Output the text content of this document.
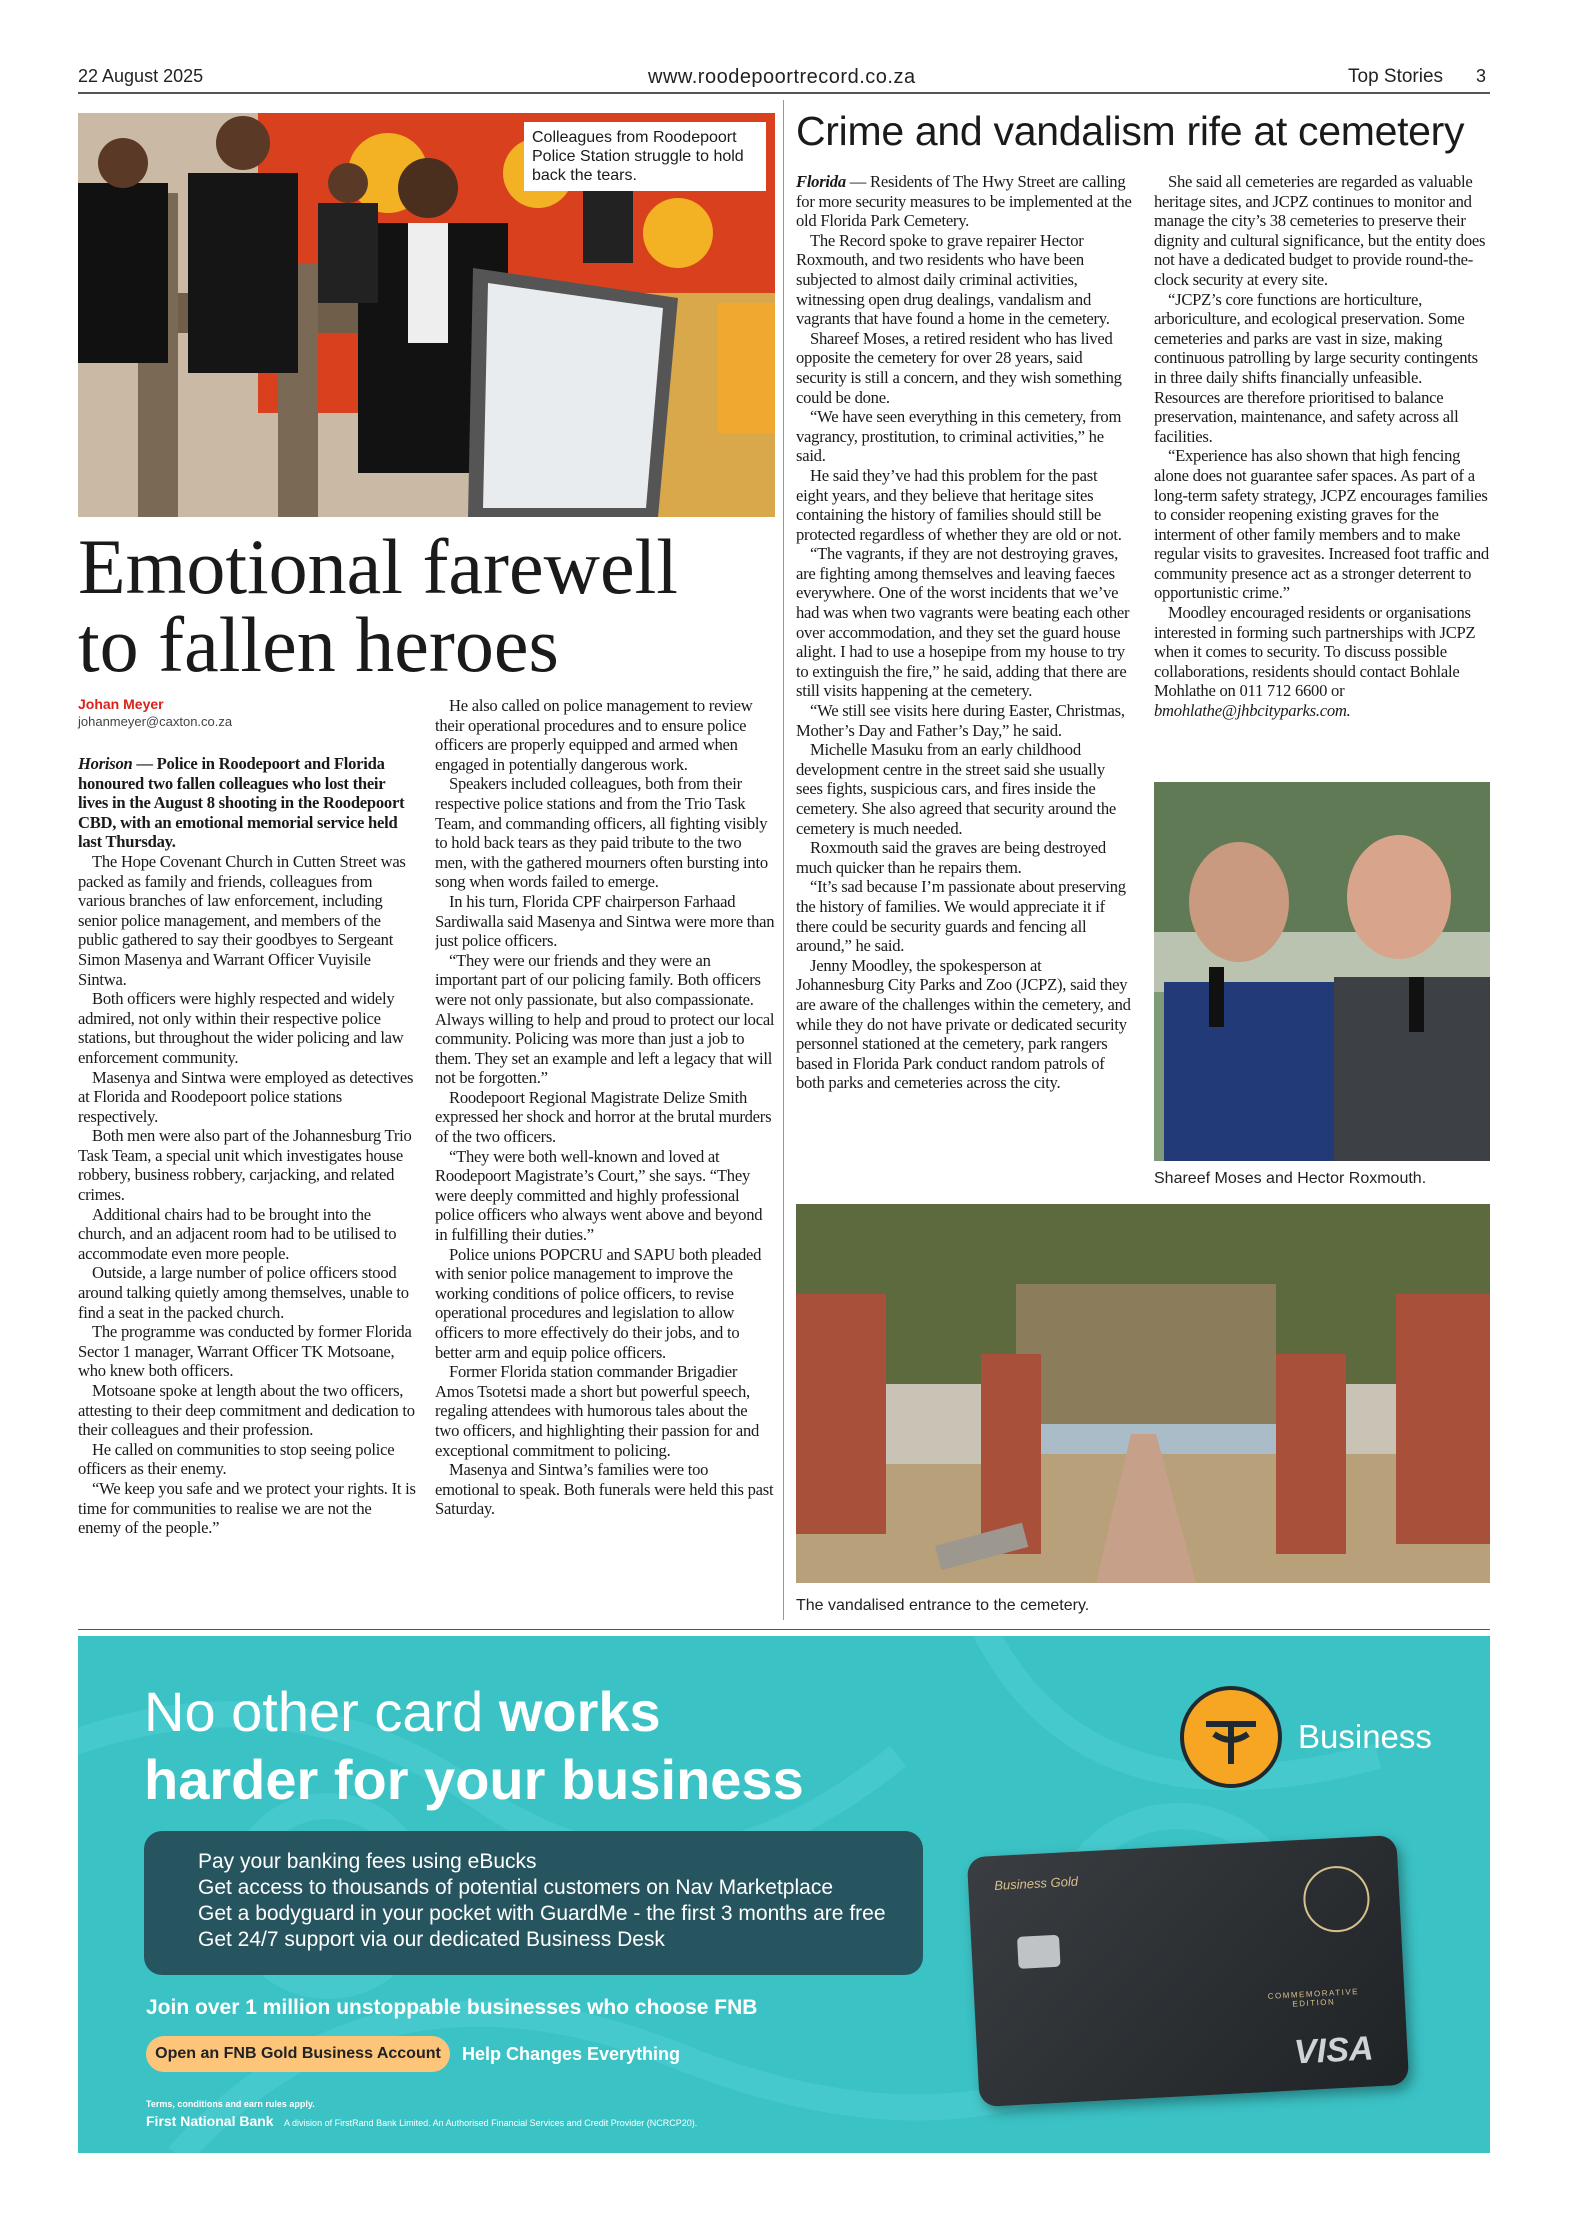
22 August 2025	www.roodepoortrecord.co.za	Top Stories 3
Colleagues from Roodepoort Police Station struggle to hold back the tears.
Emotional farewell
to fallen heroes
Johan Meyer
johanmeyer@caxton.co.za

Horison — Police in Roodepoort and Florida honoured two fallen colleagues who lost their lives in the August 8 shooting in the Roodepoort CBD, with an emotional memorial service held last Thursday.

The Hope Covenant Church in Cutten Street was packed as family and friends, colleagues from various branches of law enforcement, including senior police management, and members of the public gathered to say their goodbyes to Sergeant Simon Masenya and Warrant Officer Vuyisile Sintwa.

Both officers were highly respected and widely admired, not only within their respective police stations, but throughout the wider policing and law enforcement community.

Masenya and Sintwa were employed as detectives at Florida and Roodepoort police stations respectively.

Both men were also part of the Johannesburg Trio Task Team, a special unit which investigates house robbery, business robbery, carjacking, and related crimes.

Additional chairs had to be brought into the church, and an adjacent room had to be utilised to accommodate even more people.

Outside, a large number of police officers stood around talking quietly among themselves, unable to find a seat in the packed church.

The programme was conducted by former Florida Sector 1 manager, Warrant Officer TK Motsoane, who knew both officers.

Motsoane spoke at length about the two officers, attesting to their deep commitment and dedication to their colleagues and their profession.

He called on communities to stop seeing police officers as their enemy.

“We keep you safe and we protect your rights. It is time for communities to realise we are not the enemy of the people.”

He also called on police management to review their operational procedures and to ensure police officers are properly equipped and armed when engaged in potentially dangerous work.

Speakers included colleagues, both from their respective police stations and from the Trio Task Team, and commanding officers, all fighting visibly to hold back tears as they paid tribute to the two men, with the gathered mourners often bursting into song when words failed to emerge.

In his turn, Florida CPF chairperson Farhaad Sardiwalla said Masenya and Sintwa were more than just police officers.

“They were our friends and they were an important part of our policing family. Both officers were not only passionate, but also compassionate. Always willing to help and proud to protect our local community. Policing was more than just a job to them. They set an example and left a legacy that will not be forgotten.”

Roodepoort Regional Magistrate Delize Smith expressed her shock and horror at the brutal murders of the two officers.

“They were both well-known and loved at Roodepoort Magistrate’s Court,” she says. “They were deeply committed and highly professional police officers who always went above and beyond in fulfilling their duties.”

Police unions POPCRU and SAPU both pleaded with senior police management to improve the working conditions of police officers, to revise operational procedures and legislation to allow officers to more effectively do their jobs, and to better arm and equip police officers.

Former Florida station commander Brigadier Amos Tsotetsi made a short but powerful speech, regaling attendees with humorous tales about the two officers, and highlighting their passion for and exceptional commitment to policing.

Masenya and Sintwa’s families were too emotional to speak. Both funerals were held this past Saturday.

Crime and vandalism rife at cemetery

Florida — Residents of The Hwy Street are calling for more security measures to be implemented at the old Florida Park Cemetery.

The Record spoke to grave repairer Hector Roxmouth, and two residents who have been subjected to almost daily criminal activities, witnessing open drug dealings, vandalism and vagrants that have found a home in the cemetery.

Shareef Moses, a retired resident who has lived opposite the cemetery for over 28 years, said security is still a concern, and they wish something could be done.

“We have seen everything in this cemetery, from vagrancy, prostitution, to criminal activities,” he said.

He said they’ve had this problem for the past eight years, and they believe that heritage sites containing the history of families should still be protected regardless of whether they are old or not.

“The vagrants, if they are not destroying graves, are fighting among themselves and leaving faeces everywhere. One of the worst incidents that we’ve had was when two vagrants were beating each other over accommodation, and they set the guard house alight. I had to use a hosepipe from my house to try to extinguish the fire,” he said, adding that there are still visits happening at the cemetery.

“We still see visits here during Easter, Christmas, Mother’s Day and Father’s Day,” he said.

Michelle Masuku from an early childhood development centre in the street said she usually sees fights, suspicious cars, and fires inside the cemetery. She also agreed that security around the cemetery is much needed.

Roxmouth said the graves are being destroyed much quicker than he repairs them.

“It’s sad because I’m passionate about preserving the history of families. We would appreciate it if there could be security guards and fencing all around,” he said.

Jenny Moodley, the spokesperson at Johannesburg City Parks and Zoo (JCPZ), said they are aware of the challenges within the cemetery, and while they do not have private or dedicated security personnel stationed at the cemetery, park rangers based in Florida Park conduct random patrols of both parks and cemeteries across the city.

She said all cemeteries are regarded as valuable heritage sites, and JCPZ continues to monitor and manage the city’s 38 cemeteries to preserve their dignity and cultural significance, but the entity does not have a dedicated budget to provide round-the-clock security at every site.

“JCPZ’s core functions are horticulture, arboriculture, and ecological preservation. Some cemeteries and parks are vast in size, making continuous patrolling by large security contingents in three daily shifts financially unfeasible. Resources are therefore prioritised to balance preservation, maintenance, and safety across all facilities.

“Experience has also shown that high fencing alone does not guarantee safer spaces. As part of a long-term safety strategy, JCPZ encourages families to consider reopening existing graves for the interment of other family members and to make regular visits to gravesites. Increased foot traffic and community presence act as a stronger deterrent to opportunistic crime.”

Moodley encouraged residents or organisations interested in forming such partnerships with JCPZ when it comes to security. To discuss possible collaborations, residents should contact Bohlale Mohlathe on 011 712 6600 or bmohlathe@jhbcityparks.com.

Shareef Moses and Hector Roxmouth.
The vandalised entrance to the cemetery.
No other card works
harder for your business
Pay your banking fees using eBucks
Get access to thousands of potential customers on Nav Marketplace
Get a bodyguard in your pocket with GuardMe - the first 3 months are free
Get 24/7 support via our dedicated Business Desk
Join over 1 million unstoppable businesses who choose FNB
Open an FNB Gold Business Account	Help Changes Everything
Terms, conditions and earn rules apply.
First National Bank A division of FirstRand Bank Limited. An Authorised Financial Services and Credit Provider (NCRCP20).
Business
Business Gold
COMMEMORATIVE EDITION
VISA
